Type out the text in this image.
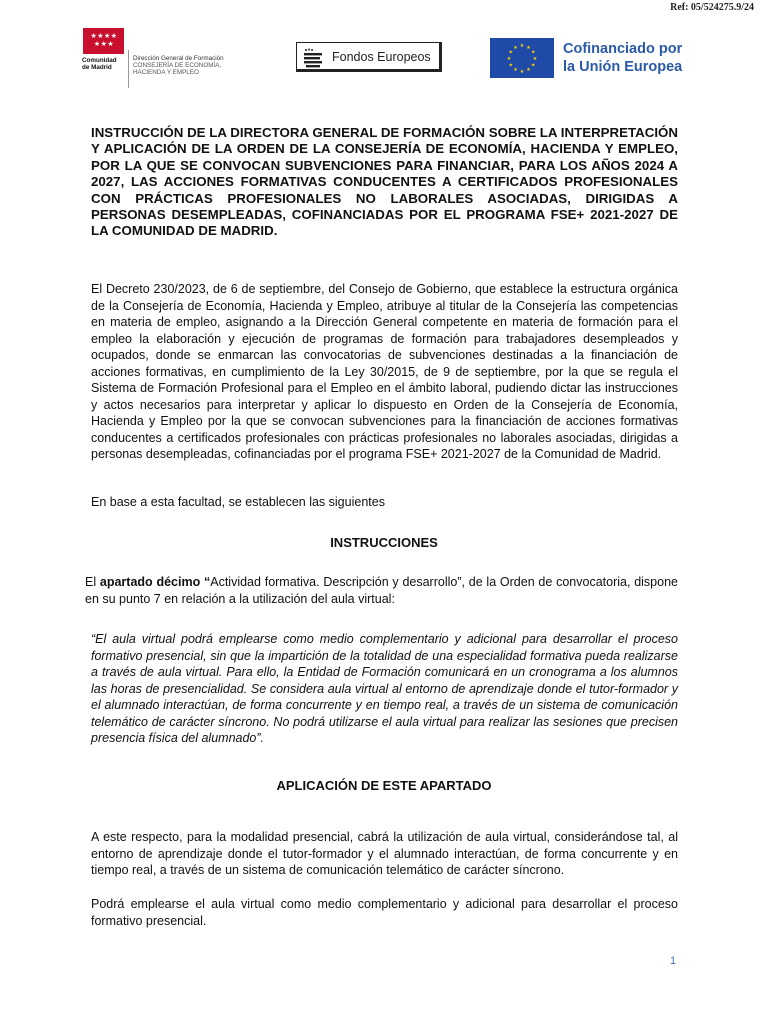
Ref: 05/524275.9/24
★★★★
★★★
Comunidad
de Madrid
Dirección General de Formación
CONSEJERÍA DE ECONOMÍA,
HACIENDA Y EMPLEO
Fondos Europeos
★ ★
★
★
★
★
★
★
★
★
★
★	Cofinanciado por
la Unión Europea
INSTRUCCIÓN DE LA DIRECTORA GENERAL DE FORMACIÓN SOBRE LA INTERPRETACIÓN Y APLICACIÓN DE LA ORDEN DE LA CONSEJERÍA DE ECONOMÍA, HACIENDA Y EMPLEO, POR LA QUE SE CONVOCAN SUBVENCIONES PARA FINANCIAR, PARA LOS AÑOS 2024 A 2027, LAS ACCIONES FORMATIVAS CONDUCENTES A CERTIFICADOS PROFESIONALES CON PRÁCTICAS PROFESIONALES NO LABORALES ASOCIADAS, DIRIGIDAS A PERSONAS DESEMPLEADAS, COFINANCIADAS POR EL PROGRAMA FSE+ 2021-2027 DE LA COMUNIDAD DE MADRID.
El Decreto 230/2023, de 6 de septiembre, del Consejo de Gobierno, que establece la estructura orgánica de la Consejería de Economía, Hacienda y Empleo, atribuye al titular de la Consejería las competencias en materia de empleo, asignando a la Dirección General competente en materia de formación para el empleo la elaboración y ejecución de programas de formación para trabajadores desempleados y ocupados, donde se enmarcan las convocatorias de subvenciones destinadas a la financiación de acciones formativas, en cumplimiento de la Ley 30/2015, de 9 de septiembre, por la que se regula el Sistema de Formación Profesional para el Empleo en el ámbito laboral, pudiendo dictar las instrucciones y actos necesarios para interpretar y aplicar lo dispuesto en Orden de la Consejería de Economía, Hacienda y Empleo por la que se convocan subvenciones para la financiación de acciones formativas conducentes a certificados profesionales con prácticas profesionales no laborales asociadas, dirigidas a personas desempleadas, cofinanciadas por el programa FSE+ 2021-2027 de la Comunidad de Madrid.
En base a esta facultad, se establecen las siguientes
INSTRUCCIONES
El apartado décimo “Actividad formativa. Descripción y desarrollo”, de la Orden de convocatoria, dispone en su punto 7 en relación a la utilización del aula virtual:
“El aula virtual podrá emplearse como medio complementario y adicional para desarrollar el proceso formativo presencial, sin que la impartición de la totalidad de una especialidad formativa pueda realizarse a través de aula virtual. Para ello, la Entidad de Formación comunicará en un cronograma a los alumnos las horas de presencialidad. Se considera aula virtual al entorno de aprendizaje donde el tutor-formador y el alumnado interactúan, de forma concurrente y en tiempo real, a través de un sistema de comunicación telemático de carácter síncrono. No podrá utilizarse el aula virtual para realizar las sesiones que precisen presencia física del alumnado”.
APLICACIÓN DE ESTE APARTADO
A este respecto, para la modalidad presencial, cabrá la utilización de aula virtual, considerándose tal, al entorno de aprendizaje donde el tutor-formador y el alumnado interactúan, de forma concurrente y en tiempo real, a través de un sistema de comunicación telemático de carácter síncrono.
Podrá emplearse el aula virtual como medio complementario y adicional para desarrollar el proceso formativo presencial.
1
